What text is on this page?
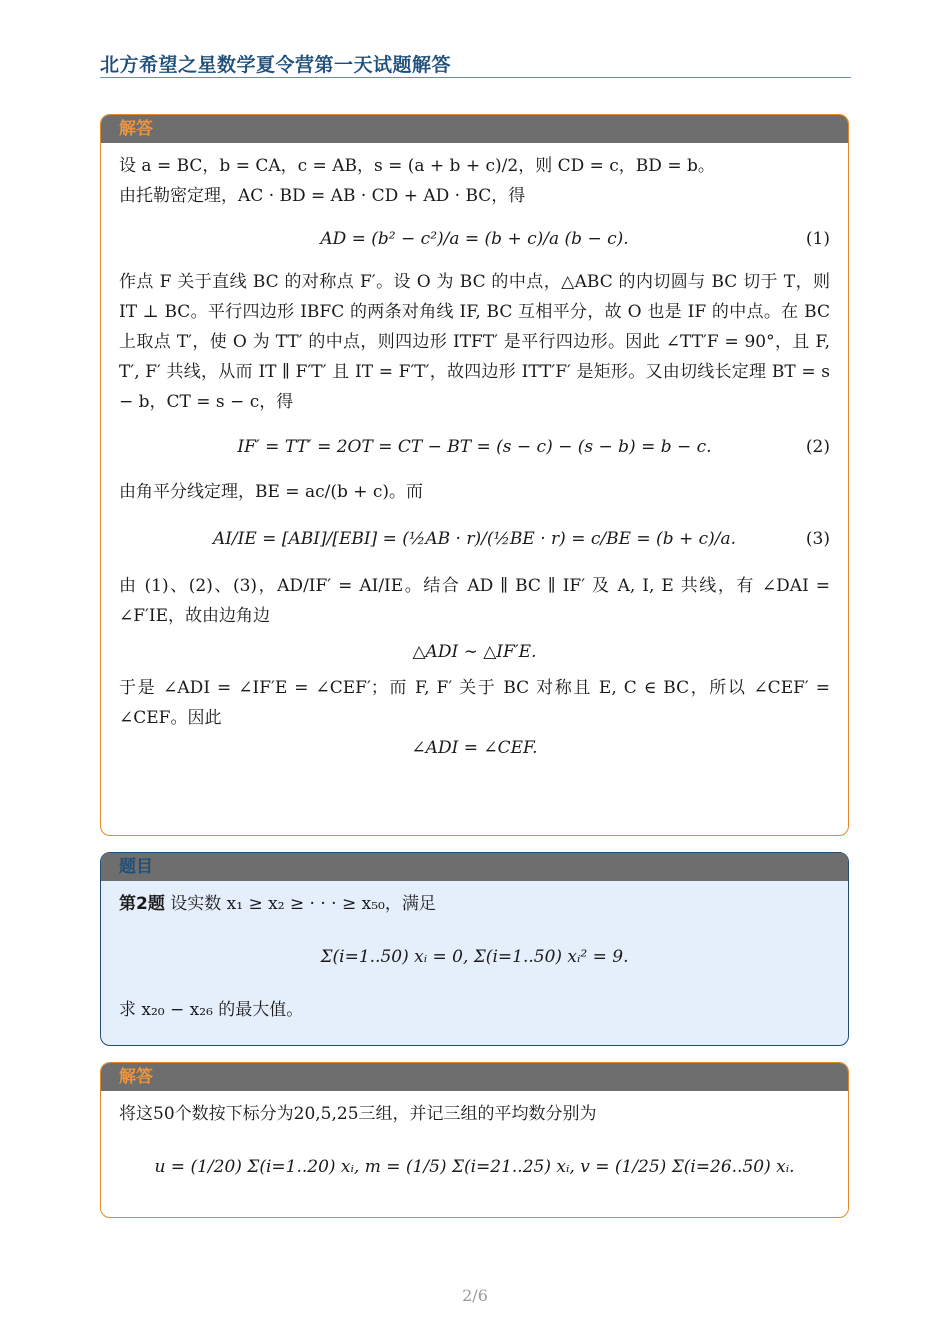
北方希望之星数学夏令营第一天试题解答
解答
设 a = BC，b = CA，c = AB，s = (a + b + c)/2，则 CD = c，BD = b。
由托勒密定理，AC · BD = AB · CD + AD · BC，得
AD = (b² − c²)/a = (b + c)/a (b − c).	(1)
作点 F 关于直线 BC 的对称点 F′。设 O 为 BC 的中点，△ABC 的内切圆与 BC 切于 T，则 IT ⊥ BC。平行四边形 IBFC 的两条对角线 IF, BC 互相平分，故 O 也是 IF 的中点。在 BC 上取点 T′，使 O 为 TT′ 的中点，则四边形 ITFT′ 是平行四边形。因此 ∠TT′F = 90°，且 F, T′, F′ 共线，从而 IT ∥ F′T′ 且 IT = F′T′，故四边形 ITT′F′ 是矩形。又由切线长定理 BT = s − b，CT = s − c，得
IF′ = TT′ = 2OT = CT − BT = (s − c) − (s − b) = b − c.	(2)
由角平分线定理，BE = ac/(b + c)。而
AI/IE = [ABI]/[EBI] = (½AB · r)/(½BE · r) = c/BE = (b + c)/a.	(3)
由 (1)、(2)、(3)，AD/IF′ = AI/IE。结合 AD ∥ BC ∥ IF′ 及 A, I, E 共线，有 ∠DAI = ∠F′IE，故由边角边
△ADI ∼ △IF′E.
于是 ∠ADI = ∠IF′E = ∠CEF′；而 F, F′ 关于 BC 对称且 E, C ∈ BC，所以 ∠CEF′ = ∠CEF。因此
∠ADI = ∠CEF.
题目
第2题 设实数 x₁ ≥ x₂ ≥ · · · ≥ x₅₀，满足
Σ(i=1..50) xᵢ = 0, Σ(i=1..50) xᵢ² = 9.
求 x₂₀ − x₂₆ 的最大值。
解答
将这50个数按下标分为20,5,25三组，并记三组的平均数分别为
u = (1/20) Σ(i=1..20) xᵢ, m = (1/5) Σ(i=21..25) xᵢ, v = (1/25) Σ(i=26..50) xᵢ.
2/6
